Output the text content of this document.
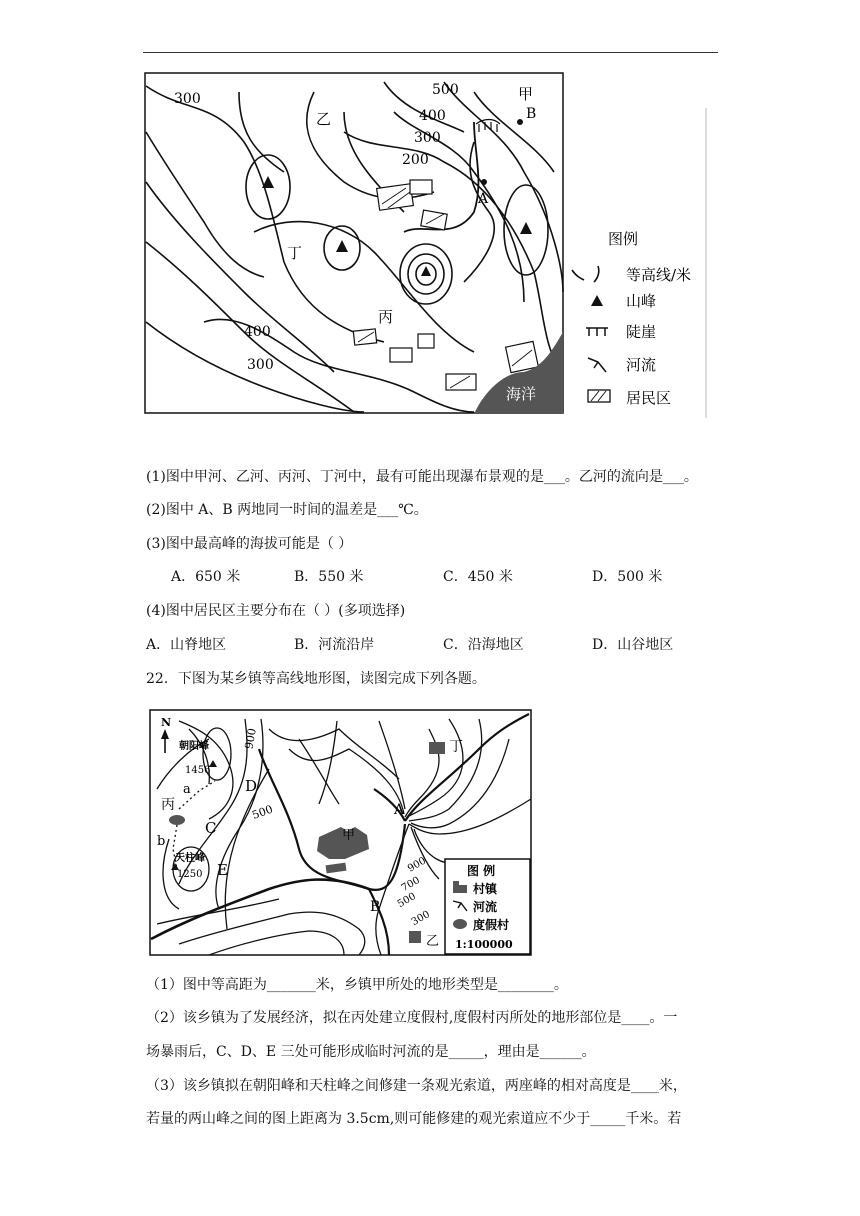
300
500
400
300
200
甲
B
A
乙
丁
丙
400
300
海洋
图例
等高线/米
山峰
陡崖
河流
居民区
(1)图中甲河、乙河、丙河、丁河中，最有可能出现瀑布景观的是___。乙河的流向是___。
(2)图中 A、B 两地同一时间的温差是___℃。
(3)图中最高峰的海拔可能是（ ）
A．650 米	B．550 米	C．450 米	D．500 米
(4)图中居民区主要分布在（ ）(多项选择)
A．山脊地区	B．河流沿岸	C．沿海地区	D．山谷地区
22．下图为某乡镇等高线地形图，读图完成下列各题。
N
朝阳峰
1456
天柱峰
1250
丙
a
b
C
D
E
900
500
甲
丁
A
B
900
700
500
300
乙
图 例
村镇
河流
度假村
1:100000
（1）图中等高距为_______米，乡镇甲所处的地形类型是________。
（2）该乡镇为了发展经济，拟在丙处建立度假村,度假村丙所处的地形部位是____。一
场暴雨后，C、D、E 三处可能形成临时河流的是_____，理由是______。
（3）该乡镇拟在朝阳峰和天柱峰之间修建一条观光索道，两座峰的相对高度是____米，
若量的两山峰之间的图上距离为 3.5cm,则可能修建的观光索道应不少于_____千米。若
